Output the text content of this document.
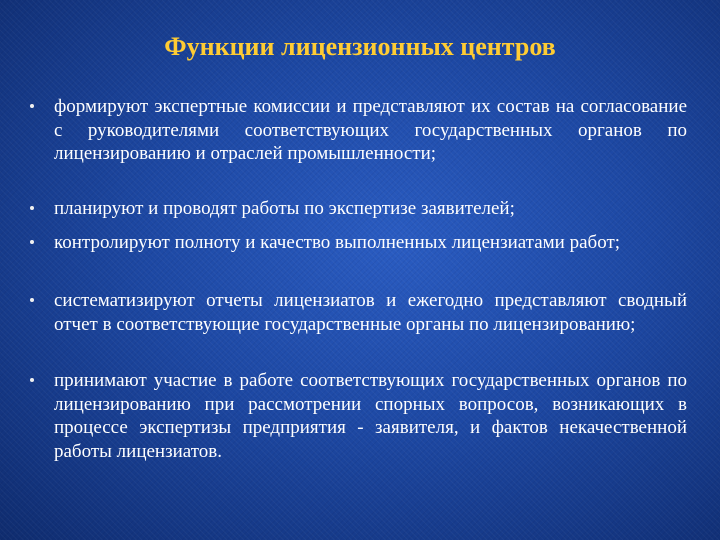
Функции лицензионных центров
формируют экспертные комиссии и представляют их состав на согласование с руководителями соответствующих государственных органов по лицензированию и отраслей промышленности;
планируют и проводят работы по экспертизе заявителей;
контролируют полноту и качество выполненных лицензиатами работ;
систематизируют отчеты лицензиатов и ежегодно представляют сводный отчет в соответствующие государственные органы по лицензированию;
принимают участие в работе соответствующих государственных органов по лицензированию при рассмотрении спорных вопросов, возникающих в процессе экспертизы предприятия - заявителя, и фактов некачественной работы лицензиатов.
